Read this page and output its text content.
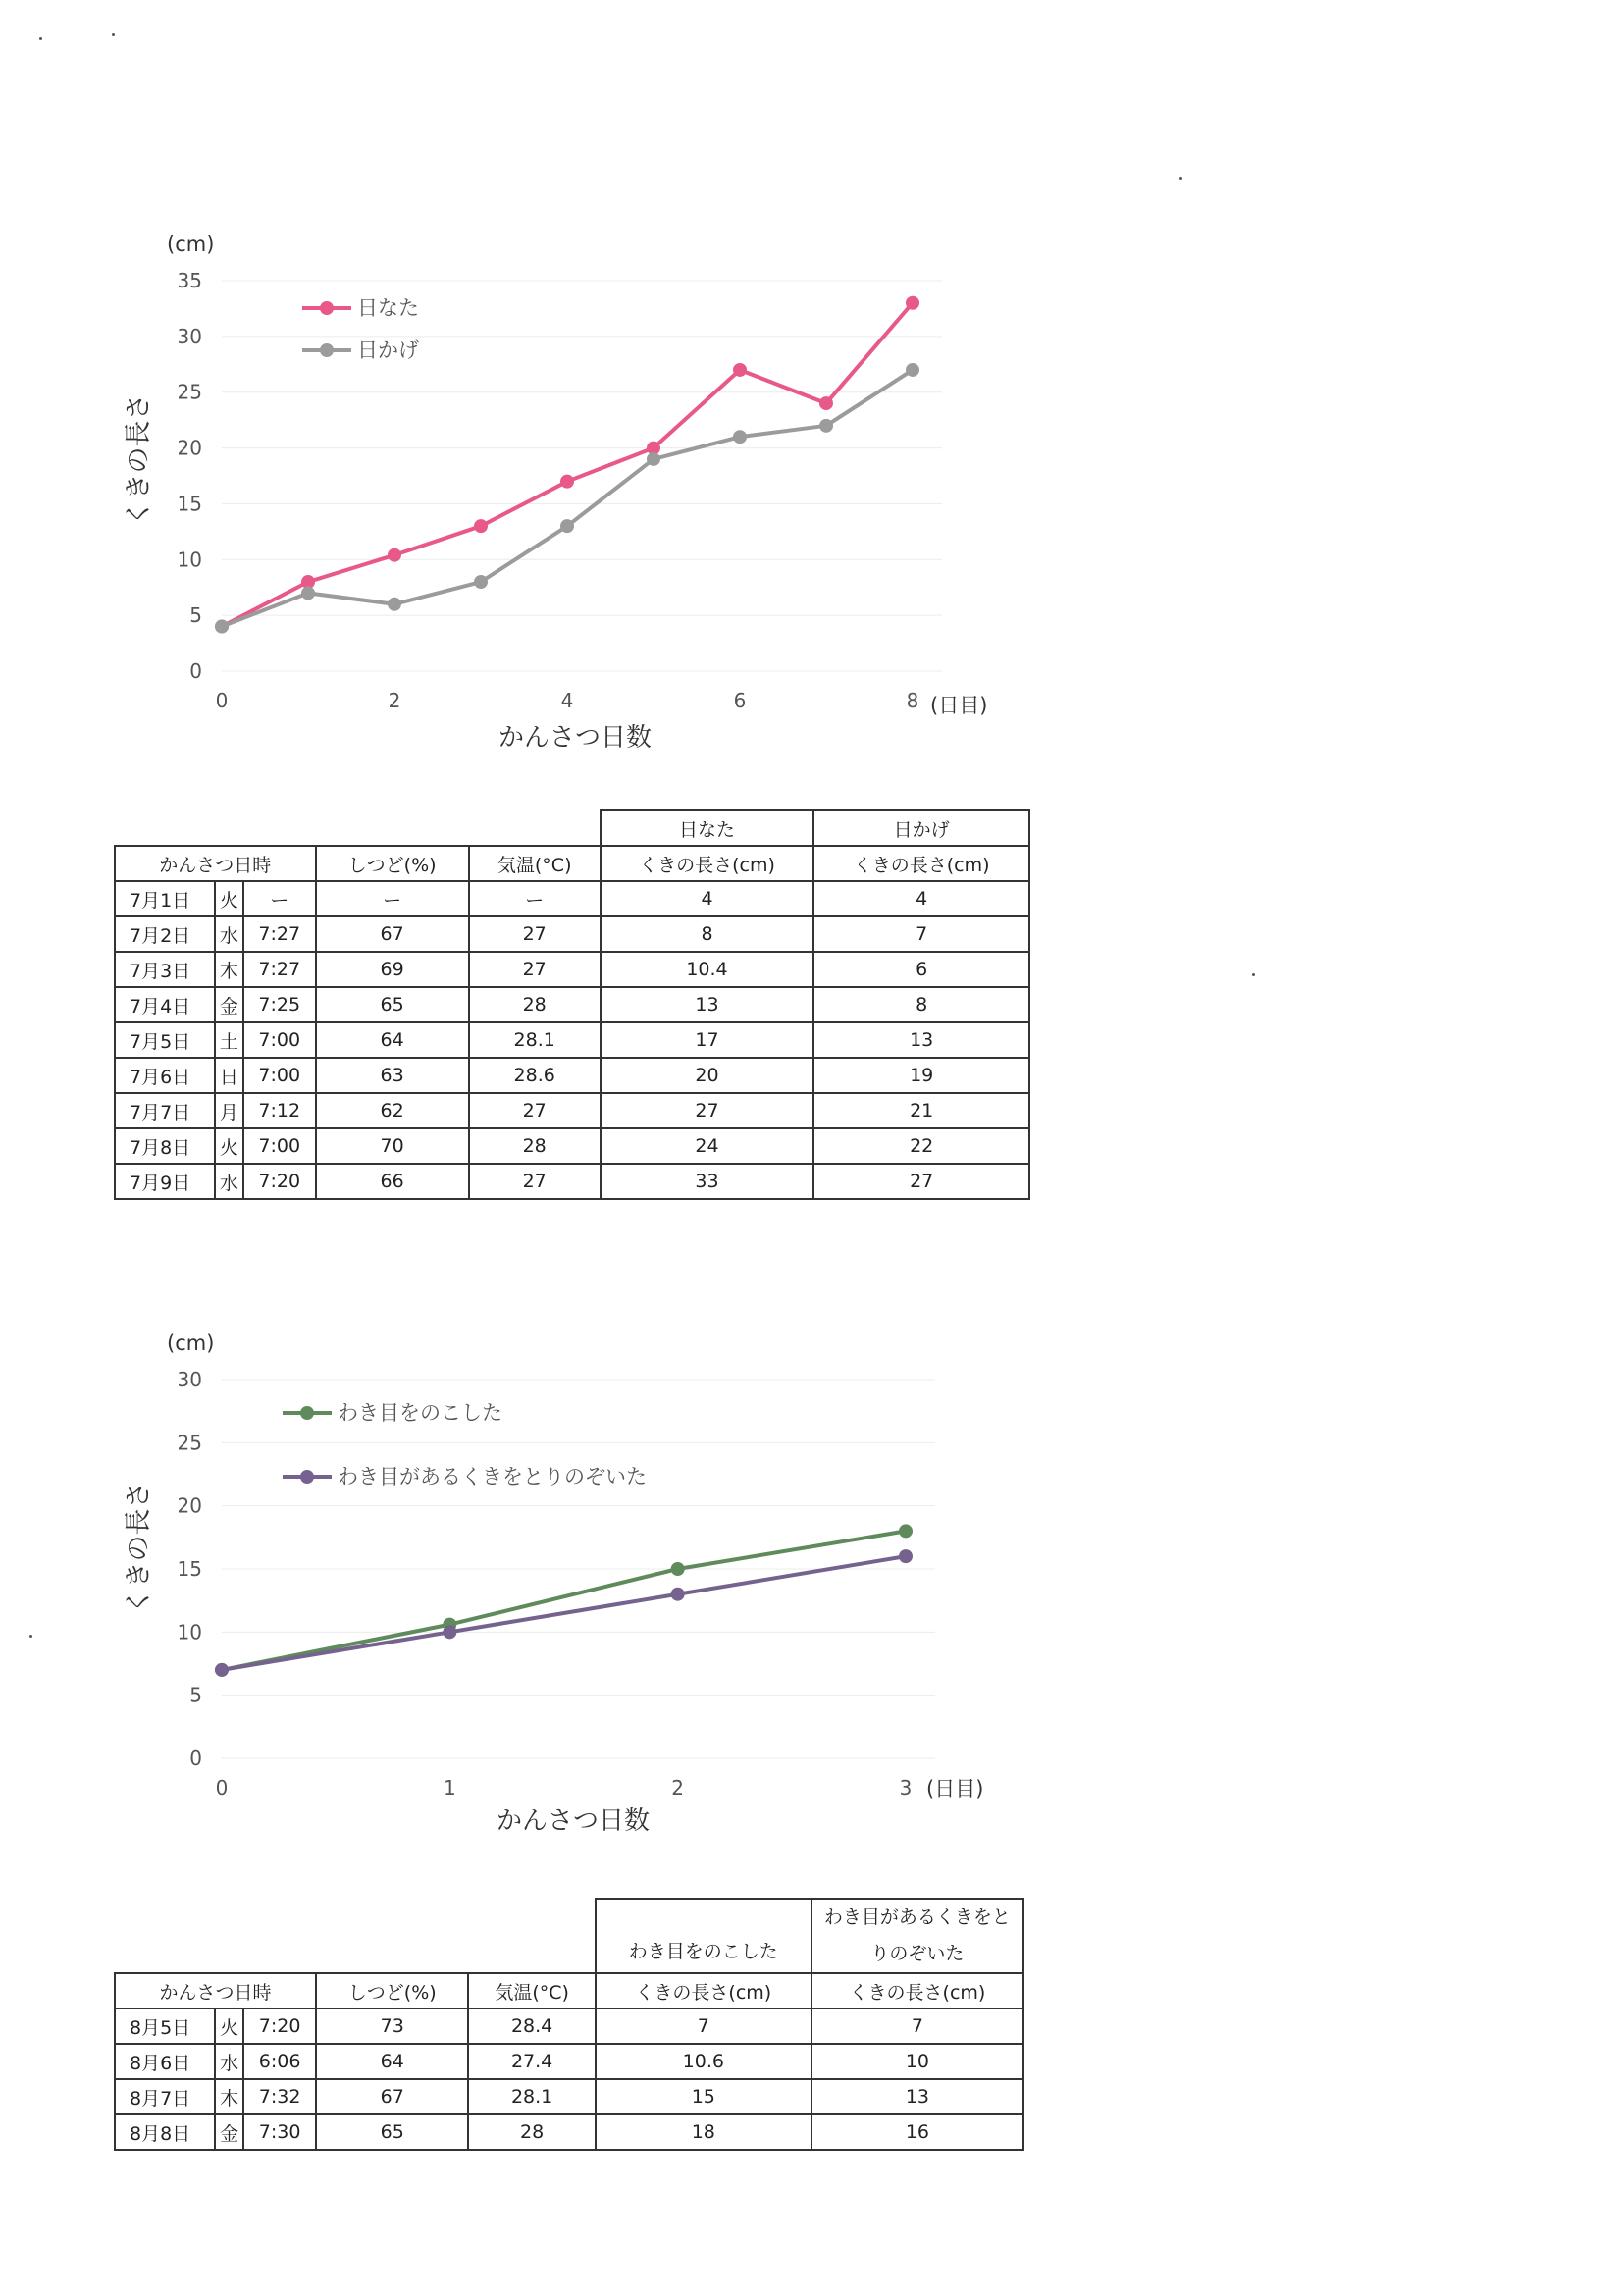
(cm)
0
5
10
15
20
25
30
35
0	2	4	6	8 (日目)
くきの長さ
かんさつ日数
日なた
日かげ
					日なた	日かげ
かんさつ日時			しつど(%)	気温(°C)	くきの長さ(cm)	くきの長さ(cm)
7月1日	火	ー	ー	ー	4	4
7月2日	水	7:27	67	27	8	7
7月3日	木	7:27	69	27	10.4	6
7月4日	金	7:25	65	28	13	8
7月5日	土	7:00	64	28.1	17	13
7月6日	日	7:00	63	28.6	20	19
7月7日	月	7:12	62	27	27	21
7月8日	火	7:00	70	28	24	22
7月9日	水	7:20	66	27	33	27
(cm)
0
5
10
15
20
25
30
0	1	2	3 (日目)
くきの長さ
かんさつ日数
わき目をのこした
わき目があるくきをとりのぞいた
					わき目をのこした	わき目があるくきをとりのぞいた
かんさつ日時			しつど(%)	気温(°C)	くきの長さ(cm)	くきの長さ(cm)
8月5日	火	7:20	73	28.4	7	7
8月6日	水	6:06	64	27.4	10.6	10
8月7日	木	7:32	67	28.1	15	13
8月8日	金	7:30	65	28	18	16
